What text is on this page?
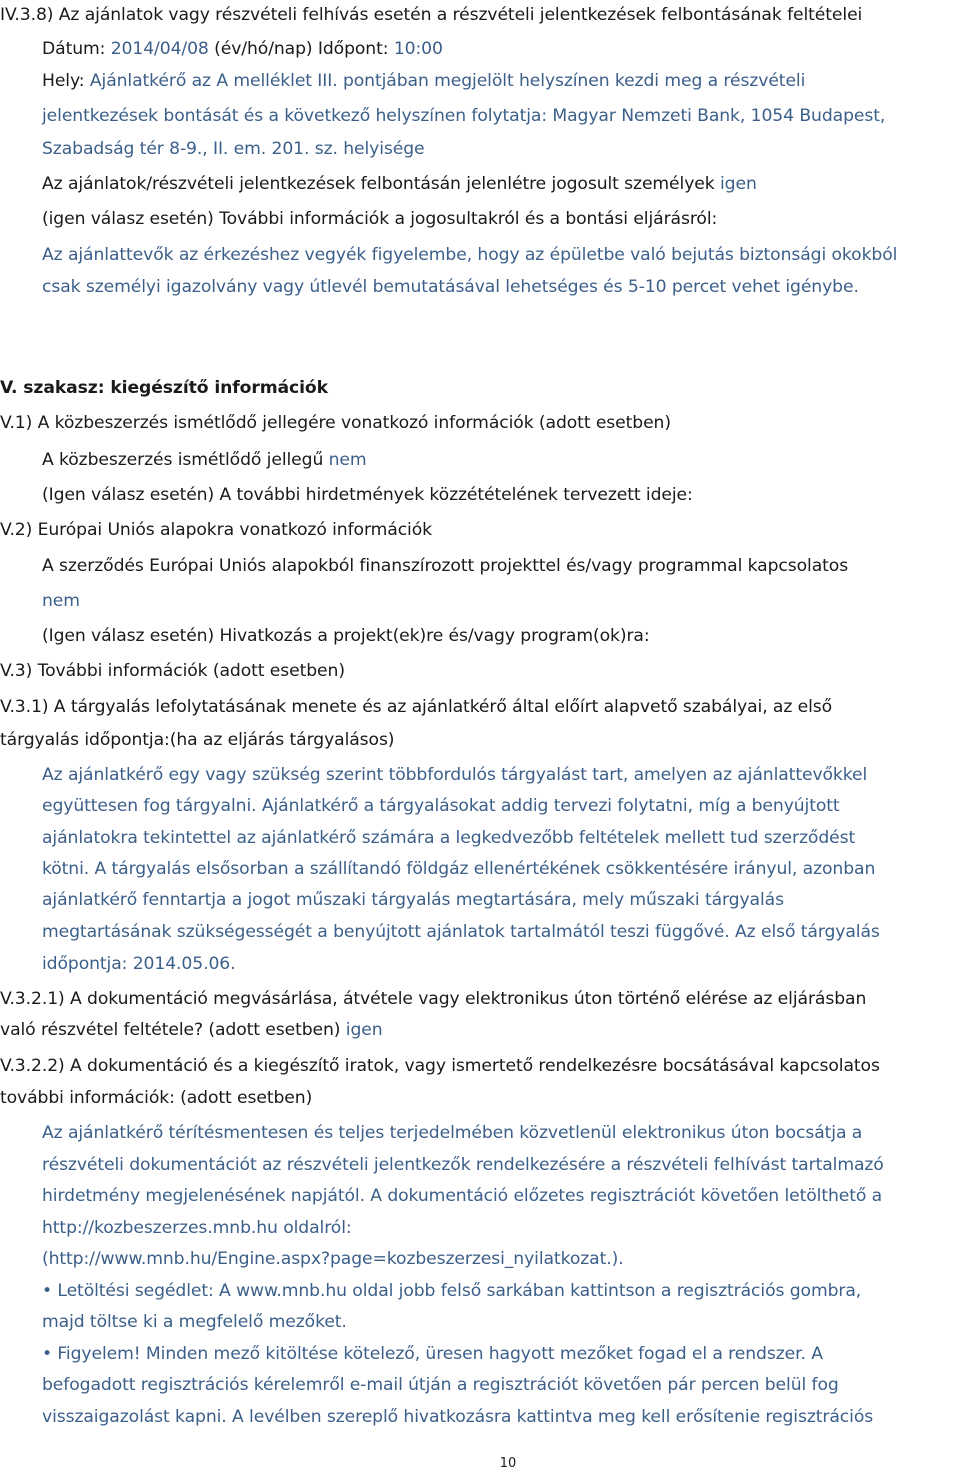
IV.3.8) Az ajánlatok vagy részvételi felhívás esetén a részvételi jelentkezések felbontásának feltételei
Dátum: 2014/04/08 (év/hó/nap) Időpont: 10:00
Hely: Ajánlatkérő az A melléklet III. pontjában megjelölt helyszínen kezdi meg a részvételi
jelentkezések bontását és a következő helyszínen folytatja: Magyar Nemzeti Bank, 1054 Budapest,
Szabadság tér 8-9., II. em. 201. sz. helyisége
Az ajánlatok/részvételi jelentkezések felbontásán jelenlétre jogosult személyek igen
(igen válasz esetén) További információk a jogosultakról és a bontási eljárásról:
Az ajánlattevők az érkezéshez vegyék figyelembe, hogy az épületbe való bejutás biztonsági okokból
csak személyi igazolvány vagy útlevél bemutatásával lehetséges és 5-10 percet vehet igénybe.
V. szakasz: kiegészítő információk
V.1) A közbeszerzés ismétlődő jellegére vonatkozó információk (adott esetben)
A közbeszerzés ismétlődő jellegű nem
(Igen válasz esetén) A további hirdetmények közzétételének tervezett ideje:
V.2) Európai Uniós alapokra vonatkozó információk
A szerződés Európai Uniós alapokból finanszírozott projekttel és/vagy programmal kapcsolatos
nem
(Igen válasz esetén) Hivatkozás a projekt(ek)re és/vagy program(ok)ra:
V.3) További információk (adott esetben)
V.3.1) A tárgyalás lefolytatásának menete és az ajánlatkérő által előírt alapvető szabályai, az első
tárgyalás időpontja:(ha az eljárás tárgyalásos)
Az ajánlatkérő egy vagy szükség szerint többfordulós tárgyalást tart, amelyen az ajánlattevőkkel
együttesen fog tárgyalni. Ajánlatkérő a tárgyalásokat addig tervezi folytatni, míg a benyújtott
ajánlatokra tekintettel az ajánlatkérő számára a legkedvezőbb feltételek mellett tud szerződést
kötni. A tárgyalás elsősorban a szállítandó földgáz ellenértékének csökkentésére irányul, azonban
ajánlatkérő fenntartja a jogot műszaki tárgyalás megtartására, mely műszaki tárgyalás
megtartásának szükségességét a benyújtott ajánlatok tartalmától teszi függővé. Az első tárgyalás
időpontja: 2014.05.06.
V.3.2.1) A dokumentáció megvásárlása, átvétele vagy elektronikus úton történő elérése az eljárásban
való részvétel feltétele? (adott esetben) igen
V.3.2.2) A dokumentáció és a kiegészítő iratok, vagy ismertető rendelkezésre bocsátásával kapcsolatos
további információk: (adott esetben)
Az ajánlatkérő térítésmentesen és teljes terjedelmében közvetlenül elektronikus úton bocsátja a
részvételi dokumentációt az részvételi jelentkezők rendelkezésére a részvételi felhívást tartalmazó
hirdetmény megjelenésének napjától. A dokumentáció előzetes regisztrációt követően letölthető a
http://kozbeszerzes.mnb.hu oldalról:
(http://www.mnb.hu/Engine.aspx?page=kozbeszerzesi_nyilatkozat.).
• Letöltési segédlet: A www.mnb.hu oldal jobb felső sarkában kattintson a regisztrációs gombra,
majd töltse ki a megfelelő mezőket.
• Figyelem! Minden mező kitöltése kötelező, üresen hagyott mezőket fogad el a rendszer. A
befogadott regisztrációs kérelemről e-mail útján a regisztrációt követően pár percen belül fog
visszaigazolást kapni. A levélben szereplő hivatkozásra kattintva meg kell erősítenie regisztrációs
10
